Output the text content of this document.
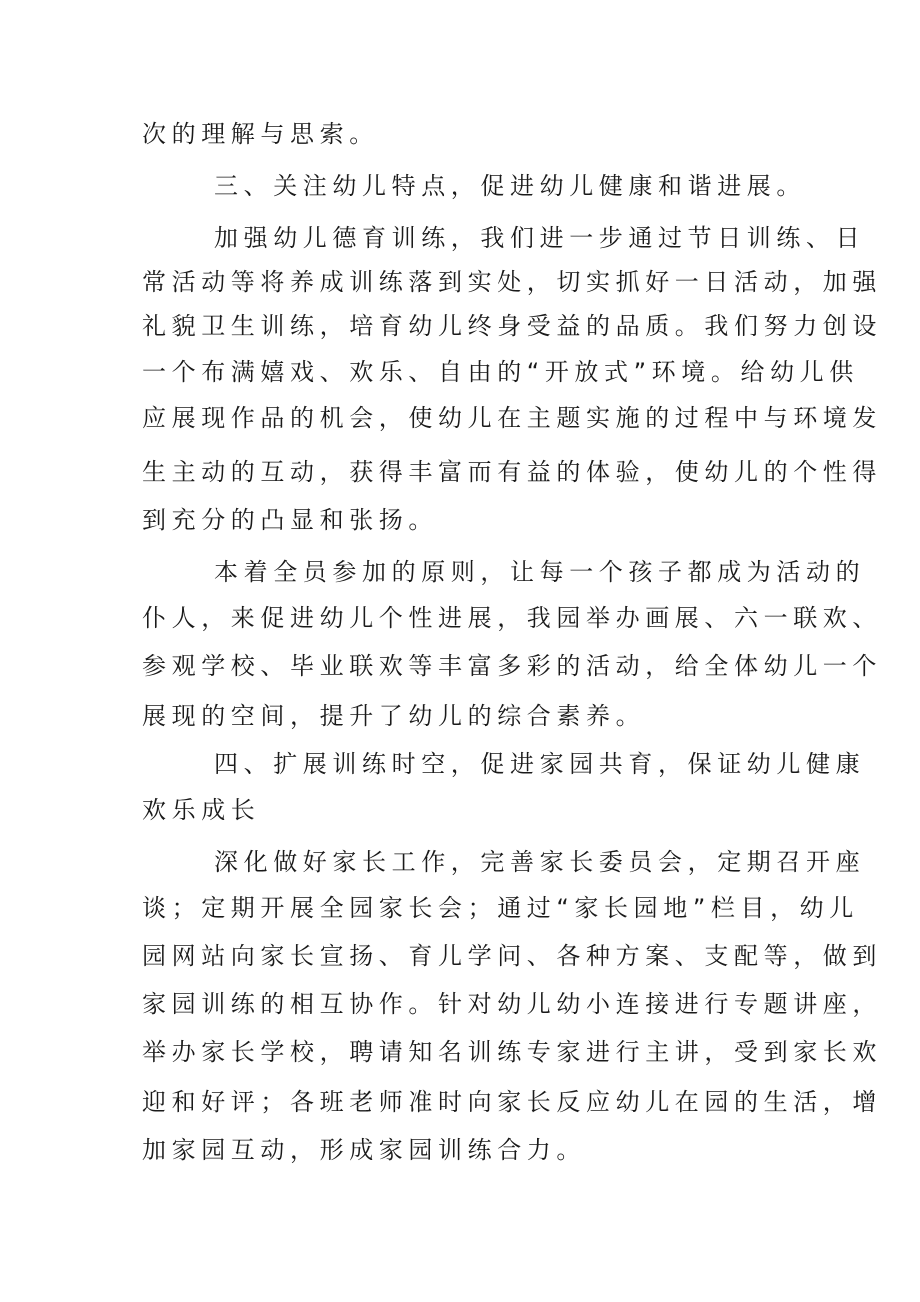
次的理解与思索。
三、关注幼儿特点，促进幼儿健康和谐进展。
加强幼儿德育训练，我们进一步通过节日训练、日
常活动等将养成训练落到实处，切实抓好一日活动，加强
礼貌卫生训练，培育幼儿终身受益的品质。我们努力创设
一个布满嬉戏、欢乐、自由的“开放式”环境。给幼儿供
应展现作品的机会，使幼儿在主题实施的过程中与环境发
生主动的互动，获得丰富而有益的体验，使幼儿的个性得
到充分的凸显和张扬。
本着全员参加的原则，让每一个孩子都成为活动的
仆人，来促进幼儿个性进展，我园举办画展、六一联欢、
参观学校、毕业联欢等丰富多彩的活动，给全体幼儿一个
展现的空间，提升了幼儿的综合素养。
四、扩展训练时空，促进家园共育，保证幼儿健康
欢乐成长
深化做好家长工作，完善家长委员会，定期召开座
谈；定期开展全园家长会；通过“家长园地”栏目，幼儿
园网站向家长宣扬、育儿学问、各种方案、支配等，做到
家园训练的相互协作。针对幼儿幼小连接进行专题讲座，
举办家长学校，聘请知名训练专家进行主讲，受到家长欢
迎和好评；各班老师准时向家长反应幼儿在园的生活，增
加家园互动，形成家园训练合力。
